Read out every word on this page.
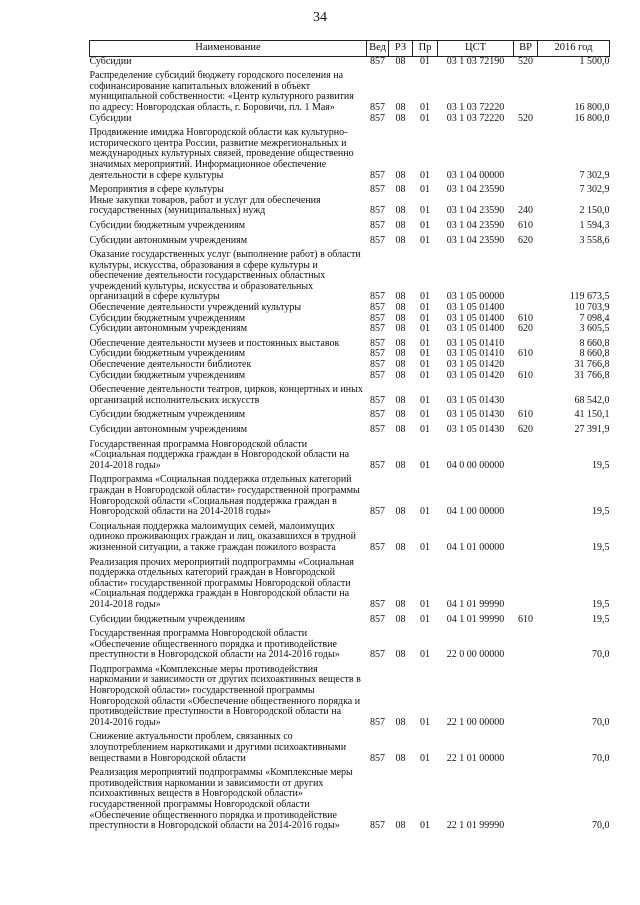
34
Наименование	Вед	РЗ	Пр	ЦСТ	ВР	2016 год
Субсидии	857	08	01	03 1 03 72190	520	1 500,0
Распределение субсидий бюджету городского поселения на софинансирование капитальных вложений в объект муниципальной собственности: «Центр культурного развития по адресу: Новгородская область, г. Боровичи, пл. 1 Мая»	857	08	01	03 1 03 72220		16 800,0
Субсидии	857	08	01	03 1 03 72220	520	16 800,0
Продвижение имиджа Новгородской области как культурно-исторического центра России, развитие межрегиональных и международных культурных связей, проведение общественно значимых мероприятий. Информационное обеспечение деятельности в сфере культуры	857	08	01	03 1 04 00000		7 302,9
Мероприятия в сфере культуры	857	08	01	03 1 04 23590		7 302,9
Иные закупки товаров, работ и услуг для обеспечения государственных (муниципальных) нужд	857	08	01	03 1 04 23590	240	2 150,0
Субсидии бюджетным учреждениям	857	08	01	03 1 04 23590	610	1 594,3
Субсидии автономным учреждениям	857	08	01	03 1 04 23590	620	3 558,6
Оказание государственных услуг (выполнение работ) в области культуры, искусства, образования в сфере культуры и обеспечение деятельности государственных областных учреждений культуры, искусства и образовательных организаций в сфере культуры	857	08	01	03 1 05 00000		119 673,5
Обеспечение деятельности учреждений культуры	857	08	01	03 1 05 01400		10 703,9
Субсидии бюджетным учреждениям	857	08	01	03 1 05 01400	610	7 098,4
Субсидии автономным учреждениям	857	08	01	03 1 05 01400	620	3 605,5
Обеспечение деятельности музеев и постоянных выставок	857	08	01	03 1 05 01410		8 660,8
Субсидии бюджетным учреждениям	857	08	01	03 1 05 01410	610	8 660,8
Обеспечение деятельности библиотек	857	08	01	03 1 05 01420		31 766,8
Субсидии бюджетным учреждениям	857	08	01	03 1 05 01420	610	31 766,8
Обеспечение деятельности театров, цирков, концертных и иных организаций исполнительских искусств	857	08	01	03 1 05 01430		68 542,0
Субсидии бюджетным учреждениям	857	08	01	03 1 05 01430	610	41 150,1
Субсидии автономным учреждениям	857	08	01	03 1 05 01430	620	27 391,9
Государственная программа Новгородской области «Социальная поддержка граждан в Новгородской области на 2014-2018 годы»	857	08	01	04 0 00 00000		19,5
Подпрограмма «Социальная поддержка отдельных категорий граждан в Новгородской области» государственной программы Новгородской области «Социальная поддержка граждан в Новгородской области на 2014-2018 годы»	857	08	01	04 1 00 00000		19,5
Социальная поддержка малоимущих семей, малоимущих одиноко проживающих граждан и лиц, оказавшихся в трудной жизненной ситуации, а также граждан пожилого возраста	857	08	01	04 1 01 00000		19,5
Реализация прочих мероприятий подпрограммы «Социальная поддержка отдельных категорий граждан в Новгородской области» государственной программы Новгородской области «Социальная поддержка граждан в Новгородской области на 2014-2018 годы»	857	08	01	04 1 01 99990		19,5
Субсидии бюджетным учреждениям	857	08	01	04 1 01 99990	610	19,5
Государственная программа Новгородской области «Обеспечение общественного порядка и противодействие преступности в Новгородской области на 2014-2016 годы»	857	08	01	22 0 00 00000		70,0
Подпрограмма «Комплексные меры противодействия наркомании и зависимости от других психоактивных веществ в Новгородской области» государственной программы Новгородской области «Обеспечение общественного порядка и противодействие преступности в Новгородской области на 2014-2016 годы»	857	08	01	22 1 00 00000		70,0
Снижение актуальности проблем, связанных со злоупотреблением наркотиками и другими психоактивными веществами в Новгородской области	857	08	01	22 1 01 00000		70,0
Реализация мероприятий подпрограммы «Комплексные меры противодействия наркомании и зависимости от других психоактивных веществ в Новгородской области» государственной программы Новгородской области «Обеспечение общественного порядка и противодействие преступности в Новгородской области на 2014-2016 годы»	857	08	01	22 1 01 99990		70,0
